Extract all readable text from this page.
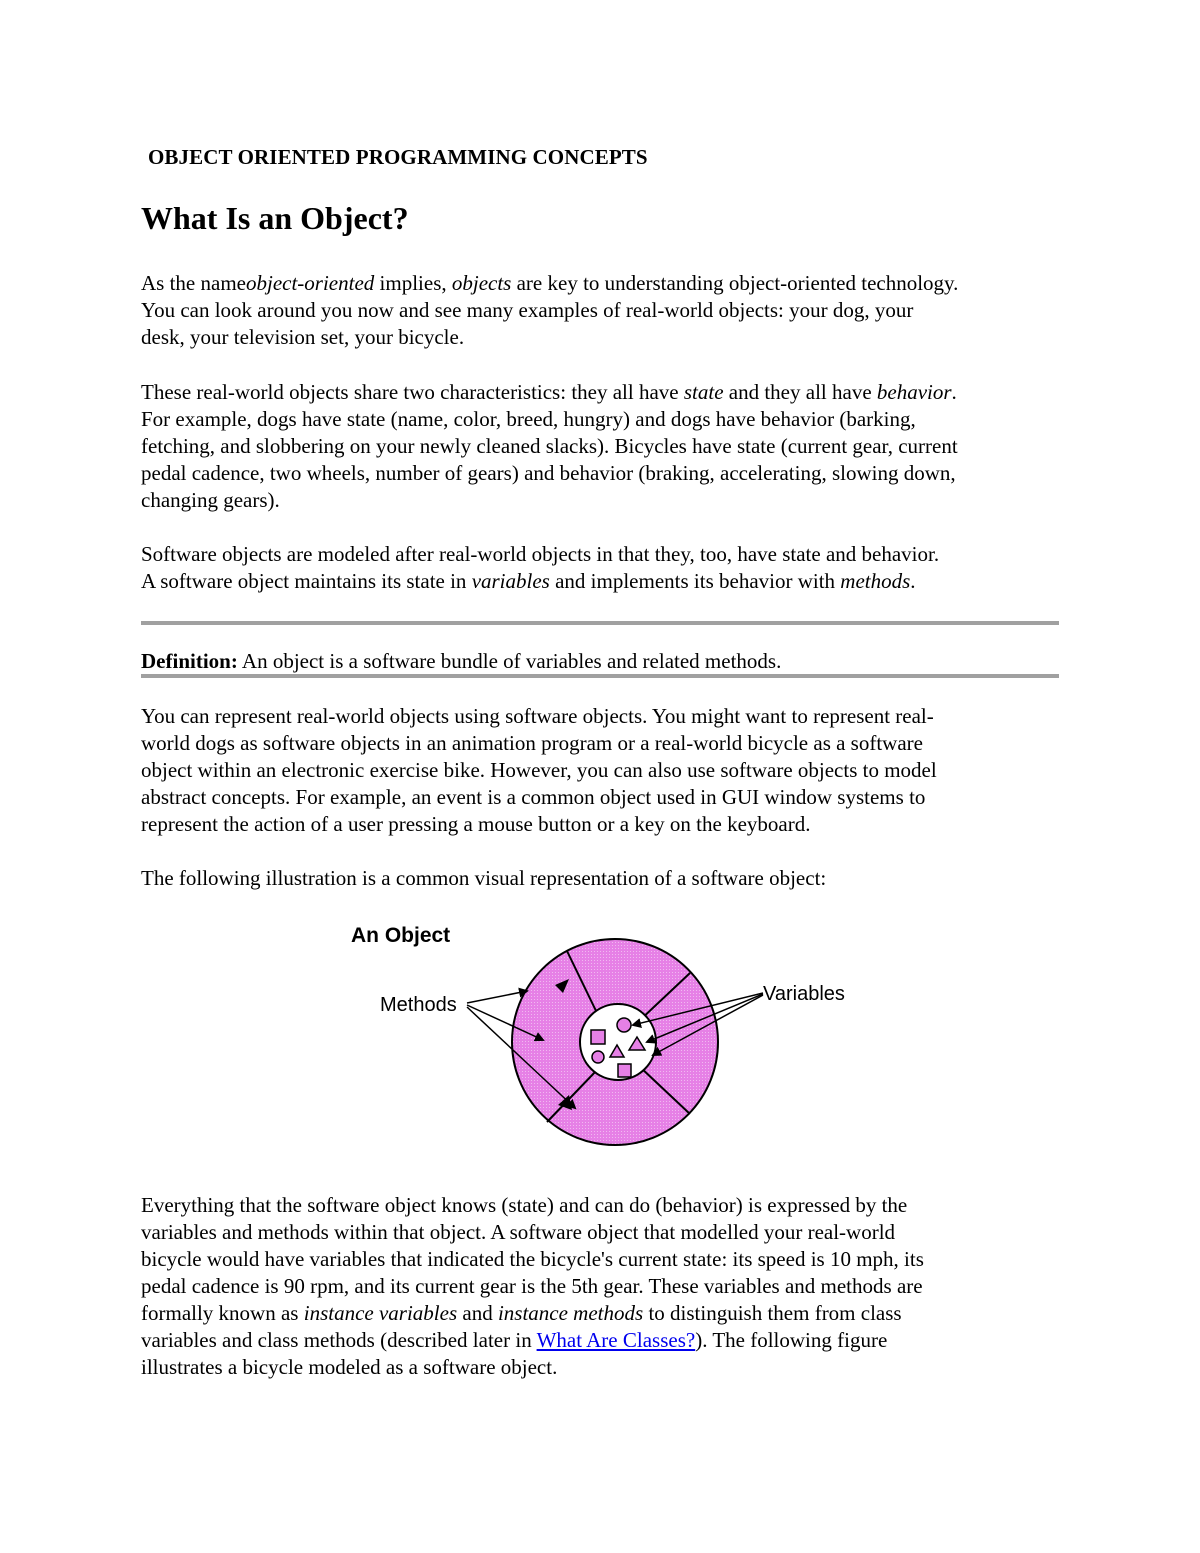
OBJECT ORIENTED PROGRAMMING CONCEPTS
What Is an Object?

As the nameobject-oriented implies, objects are key to understanding object-oriented technology.
You can look around you now and see many examples of real-world objects: your dog, your
desk, your television set, your bicycle.

These real-world objects share two characteristics: they all have state and they all have behavior.
For example, dogs have state (name, color, breed, hungry) and dogs have behavior (barking,
fetching, and slobbering on your newly cleaned slacks). Bicycles have state (current gear, current
pedal cadence, two wheels, number of gears) and behavior (braking, accelerating, slowing down,
changing gears).

Software objects are modeled after real-world objects in that they, too, have state and behavior.
A software object maintains its state in variables and implements its behavior with methods.

Definition: An object is a software bundle of variables and related methods.

You can represent real-world objects using software objects. You might want to represent real-
world dogs as software objects in an animation program or a real-world bicycle as a software
object within an electronic exercise bike. However, you can also use software objects to model
abstract concepts. For example, an event is a common object used in GUI window systems to
represent the action of a user pressing a mouse button or a key on the keyboard.

The following illustration is a common visual representation of a software object:

Everything that the software object knows (state) and can do (behavior) is expressed by the
variables and methods within that object. A software object that modelled your real-world
bicycle would have variables that indicated the bicycle's current state: its speed is 10 mph, its
pedal cadence is 90 rpm, and its current gear is the 5th gear. These variables and methods are
formally known as instance variables and instance methods to distinguish them from class
variables and class methods (described later in What Are Classes?). The following figure
illustrates a bicycle modeled as a software object.

An Object
Methods	Variables
